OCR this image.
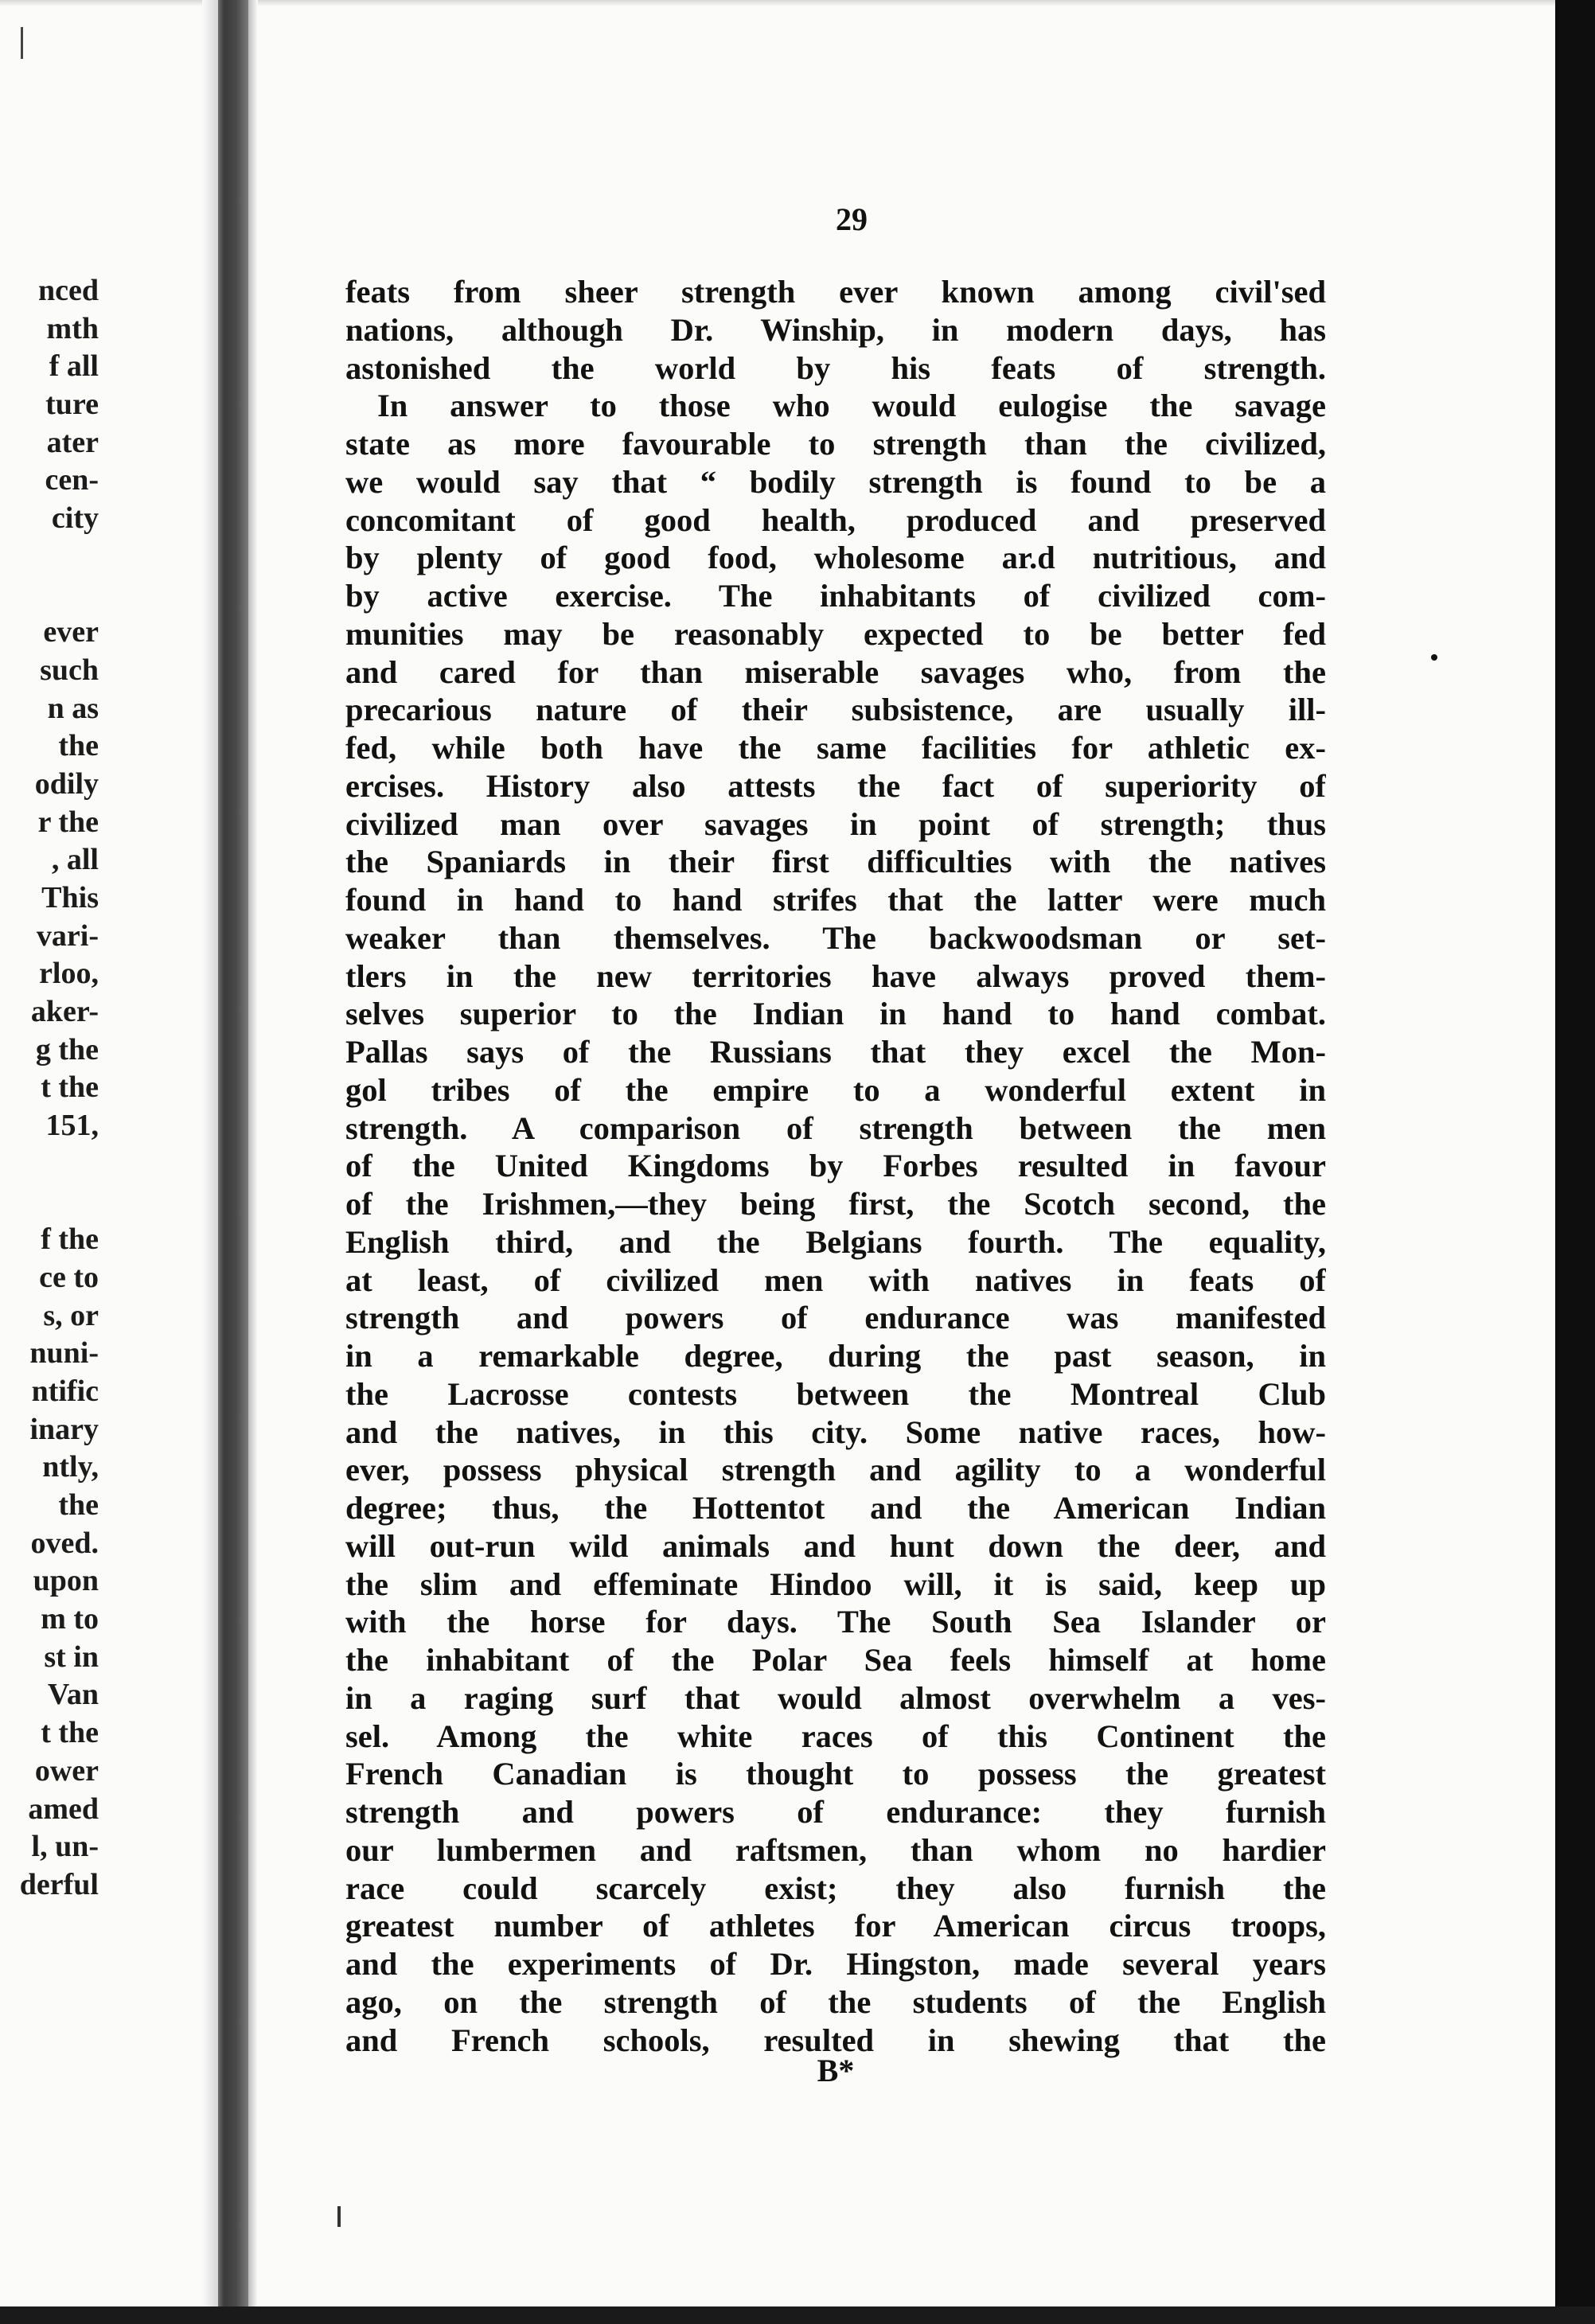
nced
mth
f all
ture
ater
cen-
city
ever
such
n as
the
odily
r the
, all
This
vari-
rloo,
aker-
g the
t the
151,
f the
ce to
s, or
nuni-
ntific
inary
ntly,
the
oved.
upon
m to
st in
Van
t the
ower
amed
l, un-
derful
29
feats from sheer strength ever known among civil'sed
nations, although Dr. Winship, in modern days, has
astonished the world by his feats of strength.
In answer to those who would eulogise the savage
state as more favourable to strength than the civilized,
we would say that “ bodily strength is found to be a
concomitant of good health, produced and preserved
by plenty of good food, wholesome ar.d nutritious, and
by active exercise. The inhabitants of civilized com-
munities may be reasonably expected to be better fed
and cared for than miserable savages who, from the
precarious nature of their subsistence, are usually ill-
fed, while both have the same facilities for athletic ex-
ercises. History also attests the fact of superiority of
civilized man over savages in point of strength; thus
the Spaniards in their first difficulties with the natives
found in hand to hand strifes that the latter were much
weaker than themselves. The backwoodsman or set-
tlers in the new territories have always proved them-
selves superior to the Indian in hand to hand combat.
Pallas says of the Russians that they excel the Mon-
gol tribes of the empire to a wonderful extent in
strength. A comparison of strength between the men
of the United Kingdoms by Forbes resulted in favour
of the Irishmen,—they being first, the Scotch second, the
English third, and the Belgians fourth. The equality,
at least, of civilized men with natives in feats of
strength and powers of endurance was manifested
in a remarkable degree, during the past season, in
the Lacrosse contests between the Montreal Club
and the natives, in this city. Some native races, how-
ever, possess physical strength and agility to a wonderful
degree; thus, the Hottentot and the American Indian
will out-run wild animals and hunt down the deer, and
the slim and effeminate Hindoo will, it is said, keep up
with the horse for days. The South Sea Islander or
the inhabitant of the Polar Sea feels himself at home
in a raging surf that would almost overwhelm a ves-
sel. Among the white races of this Continent the
French Canadian is thought to possess the greatest
strength and powers of endurance: they furnish
our lumbermen and raftsmen, than whom no hardier
race could scarcely exist; they also furnish the
greatest number of athletes for American circus troops,
and the experiments of Dr. Hingston, made several years
ago, on the strength of the students of the English
and French schools, resulted in shewing that the
B*
